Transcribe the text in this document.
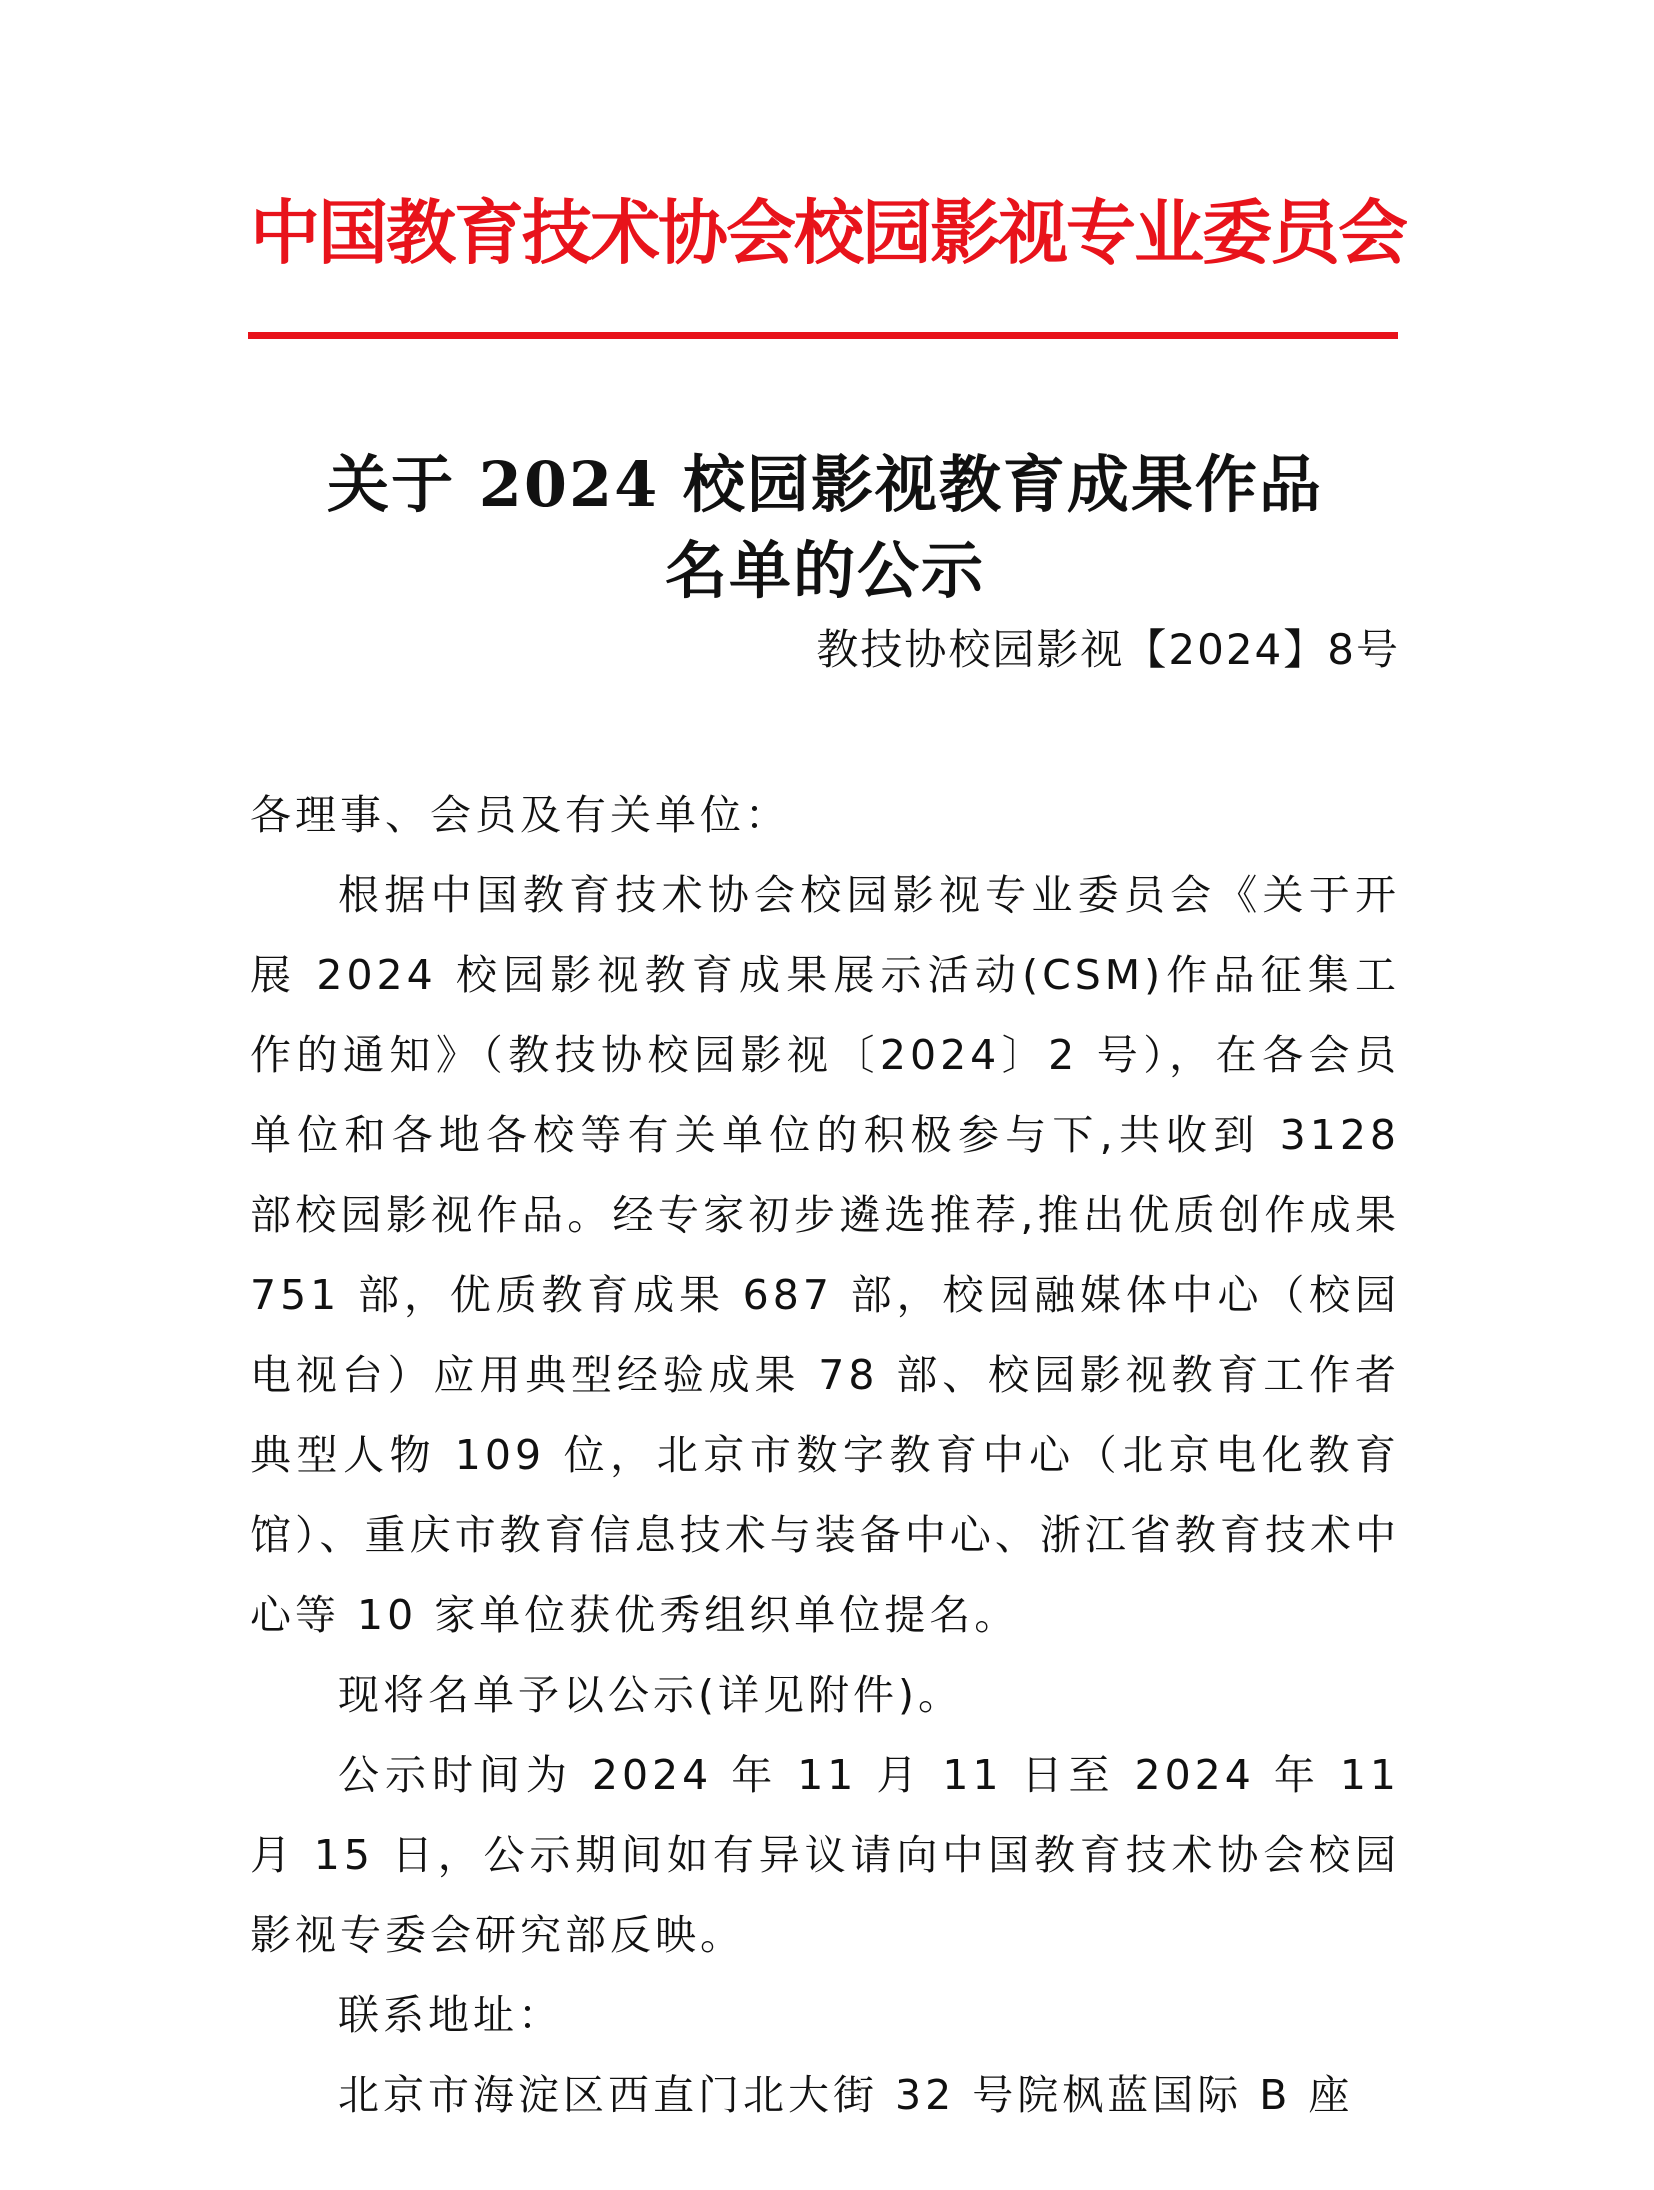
中国教育技术协会校园影视专业委员会
关于 2024 校园影视教育成果作品
名单的公示
教技协校园影视【2024】8号

各理事、会员及有关单位：

根据中国教育技术协会校园影视专业委员会《关于开展 2024 校园影视教育成果展示活动(CSM)作品征集工作的通知》（教技协校园影视〔2024〕2 号），在各会员单位和各地各校等有关单位的积极参与下,共收到 3128 部校园影视作品。经专家初步遴选推荐,推出优质创作成果 751 部，优质教育成果 687 部，校园融媒体中心（校园电视台）应用典型经验成果 78 部、校园影视教育工作者典型人物 109 位，北京市数字教育中心（北京电化教育馆）、重庆市教育信息技术与装备中心、浙江省教育技术中心等 10 家单位获优秀组织单位提名。

现将名单予以公示(详见附件)。

公示时间为 2024 年 11 月 11 日至 2024 年 11 月 15 日，公示期间如有异议请向中国教育技术协会校园影视专委会研究部反映。

联系地址：

北京市海淀区西直门北大街 32 号院枫蓝国际 B 座
